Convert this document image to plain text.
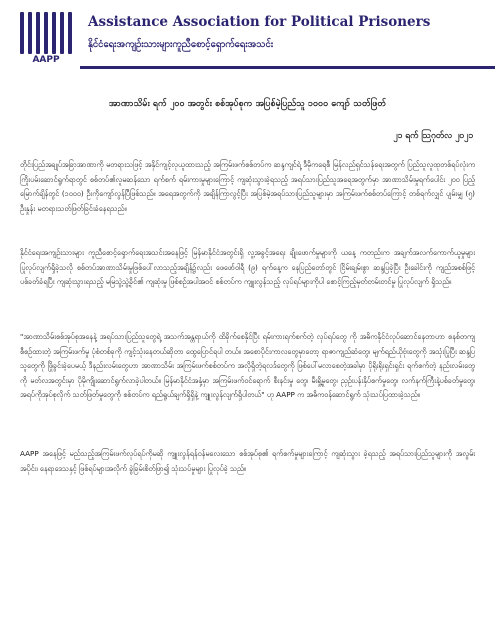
AAPP
Assistance Association for Political Prisoners
နိုင်ငံရေးအကျဉ်းသားများကူညီစောင့်ရှောက်ရေးအသင်း
အာဏာသိမ်း ရက် ၂၀၀ အတွင်း စစ်အုပ်စုက အပြစ်မဲ့ပြည်သူ ၁၀၀၀ ကျော် သတ်ဖြတ်
၂၁ ရက် ဩဂုတ်လ ၂၀၂၁

တိုင်းပြည်အချုပ်အခြာအာဏာကို မတရားသဖြင့် အနိုင်ကျင့်လုယူထားသည့် အကြမ်းဖက်စစ်တပ်က ဆန္ဒကျင်ရဲ့ ဒီမိုကရေစီ မြန်လည်ရှင်သန်ရေးအတွက် ပြည်သူလူထုတစ်ရပ်လုံးက ကြိုးပမ်းဆောင်ရွက်ရာတွင် စစ်တပ်၏လူမဆန်သော ရက်စက် ရမ်းကားမှုများကြောင့် ကျဆုံးသွားခဲ့ရသည့် အရပ်သားပြည်သူအရေအတွက်မှာ အာဏာသိမ်းမှုရက်ပေါင်း ၂၀၀ ပြည့်မြောက်ချိန်တွင် (၁၀၀၀) ဦးကိုကျော်လွန်ပြီဖြစ်သည်။ အရေအတွက်ကို အချိန်ကြာလွင့်ပြီး အပြစ်မဲ့အရပ်သားပြည်သူများမှာ အကြမ်းဖက်စစ်တပ်ကြောင့် တစ်ရက်လျှင် ပျမ်းမျှ (၅) ဦးနှုန်း မတရားသတ်ဖြတ်ခြင်းခံနေရသည်။

နိုင်ငံရေးအကျဉ်းသားများ ကူညီစောင့်ရှောက်ရေးအသင်းအနေဖြင့် မြန်မာနိုင်ငံအတွင်းရှိ လူ့အခွင့်အရေး ချိုးဖောက်မှုများကို ယနေ့ ကတည်းက အချက်အလက်ကောက်ယူမှုများ ပြုလုပ်လျက်ရှိခဲ့သလို စစ်တပ်အာဏာသိမ်းမှုဖြစ်ပေါ်လာသည့်အချိန်၌လည်း ဖေဖော်ဝါရီ (၉) ရက်နေ့က နေပြည်တော်တွင် ငြိမ်းချမ်းစွာ ဆန္ဒပြခဲ့ပြီး ဦးခေါင်းကို ကျည်အစစ်ဖြင့် ပစ်ခတ်ခံရပြီး ကျဆုံးသွားရသည့် မမြသွဲ့သွဲ့ခိုင်၏ ကျဆုံးမှု ဖြစ်စဉ်အပါအဝင် စစ်တပ်က ကျူးလွန်သည့် လုပ်ရပ်များကိုပါ စောင့်ကြည့်မှတ်တမ်းတင်မှု ပြုလုပ်လျက် ရှိသည်။

"အာဏာသိမ်းစစ်အုပ်စုအနေနဲ့ အရပ်သားပြည်သူတွေရဲ့ အသက်အန္တရာယ်ကို ထိခိုက်စေနိုင်ပြီး ရမ်းကားရက်စက်တဲ့ လုပ်ရပ်တွေ ကို အဓိကနိုင်ငံလုပ်ဆောင်နေတာဟာ စနစ်တကျစီစဉ်ထားတဲ့ အကြမ်းဖက်မှု ပုံစံတစ်ခုကို ကျင့်သုံးနေတယ်ဆိုတာ ထွေပြောင်ရပါ တယ်။ အစောပိုင်းကာလတွေမှာတော့ ရာဇာကျည်ဆံတွေ၊ မျက်ရည်ယိုဗုံးတွေကို အသုံးပြုပြီး ဆန္ဒပြသူတွေကို ဖြိုခွင်းခဲ့ပေမယ့် ဒီနည်းလမ်းတွေဟာ အာဏာသိမ်း အကြမ်းဖက်စစ်တပ်က အလိုရှိတဲ့ရလဒ်တွေကို ဖြစ်ပေါ်မလာစေတဲ့အခါမှာ ပိုရိုးရိုးရှင်းရှင်း ရက်စက်တဲ့ နည်းလမ်းတွေကို မတ်လအတွင်းမှာ ပိုမိုကျိုးဆောင်ရွက်လာခဲ့ပါတယ်။ မြန်မာနိုင်ငံအနှံ့မှာ အကြမ်းဖက်ဝင်ရောက် စီးနင်းမှု တွေ၊ မီးရှို့မှုတွေ၊ ညှဉ်းပန်းနှိပ်စက်မှုတွေ၊ လက်နက်ကြီးနဲ့ပစ်ခတ်မှုတွေ၊ အရပ်ကိုအုပ်စုလိုက် သတ်ဖြတ်မှုတွေကို စစ်တပ်က ရည်ရွယ်ချက်ရှိရှိနဲ့ ကျူးလွန်လျက်ရှိပါတယ်" ဟု AAPP က အဓိကဝန်ဆောင်ရွက် သုံးသပ်ပြထားခဲ့သည်။

AAPP အနေဖြင့် မည်သည့်အကြမ်းဖက်လုပ်ရပ်ကိုမဆို ကျူးလွန်ရန်ဝန်မလေးသော စစ်အုပ်စု၏ ရက်စက်မှုများကြောင့် ကျဆုံးသွား ခဲ့ရသည့် အရပ်သားပြည်သူများကို အလွမ်းအပိုင်း၊ နေရာဒေသနှင့် ဖြစ်ရပ်များအလိုက် ခွဲခြမ်းစိတ်ဖြာ၍ သုံးသပ်မှုများ ပြုလုပ်ခဲ့ သည်။
